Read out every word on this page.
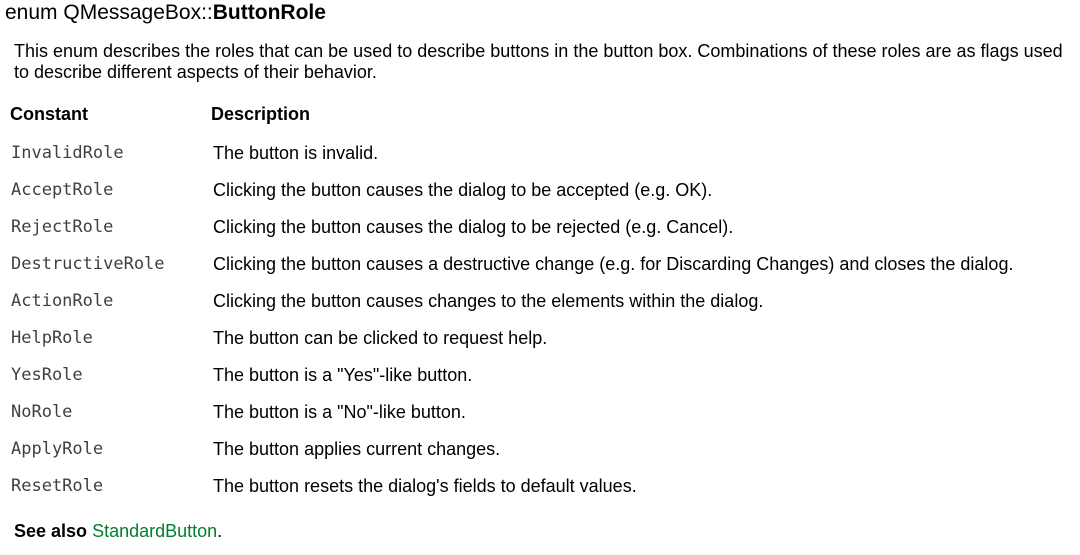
enum QMessageBox::ButtonRole
This enum describes the roles that can be used to describe buttons in the button box. Combinations of these roles are as flags used to describe different aspects of their behavior.
Constant	Description
InvalidRole	The button is invalid.
AcceptRole	Clicking the button causes the dialog to be accepted (e.g. OK).
RejectRole	Clicking the button causes the dialog to be rejected (e.g. Cancel).
DestructiveRole	Clicking the button causes a destructive change (e.g. for Discarding Changes) and closes the dialog.
ActionRole	Clicking the button causes changes to the elements within the dialog.
HelpRole	The button can be clicked to request help.
YesRole	The button is a "Yes"-like button.
NoRole	The button is a "No"-like button.
ApplyRole	The button applies current changes.
ResetRole	The button resets the dialog's fields to default values.
See also StandardButton.
